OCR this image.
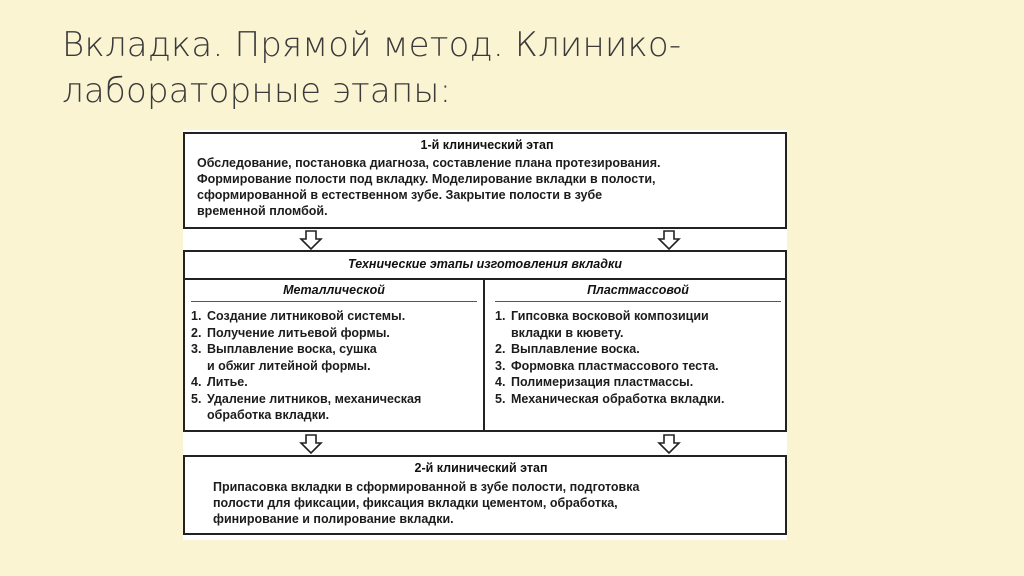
Вкладка. Прямой метод. Клинико-
лабораторные этапы:
1-й клинический этап
Обследование, постановка диагноза, составление плана протезирования.
Формирование полости под вкладку. Моделирование вкладки в полости,
сформированной в естественном зубе. Закрытие полости в зубе
временной пломбой.
Технические этапы изготовления вкладки
Металлической
1. Создание литниковой системы.
2. Получение литьевой формы.
3. Выплавление воска, сушка
и обжиг литейной формы.
4. Литье.
5. Удаление литников, механическая
обработка вкладки.
Пластмассовой
1. Гипсовка восковой композиции
вкладки в кювету.
2. Выплавление воска.
3. Формовка пластмассового теста.
4. Полимеризация пластмассы.
5. Механическая обработка вкладки.
2-й клинический этап
Припасовка вкладки в сформированной в зубе полости, подготовка
полости для фиксации, фиксация вкладки цементом, обработка,
финирование и полирование вкладки.
